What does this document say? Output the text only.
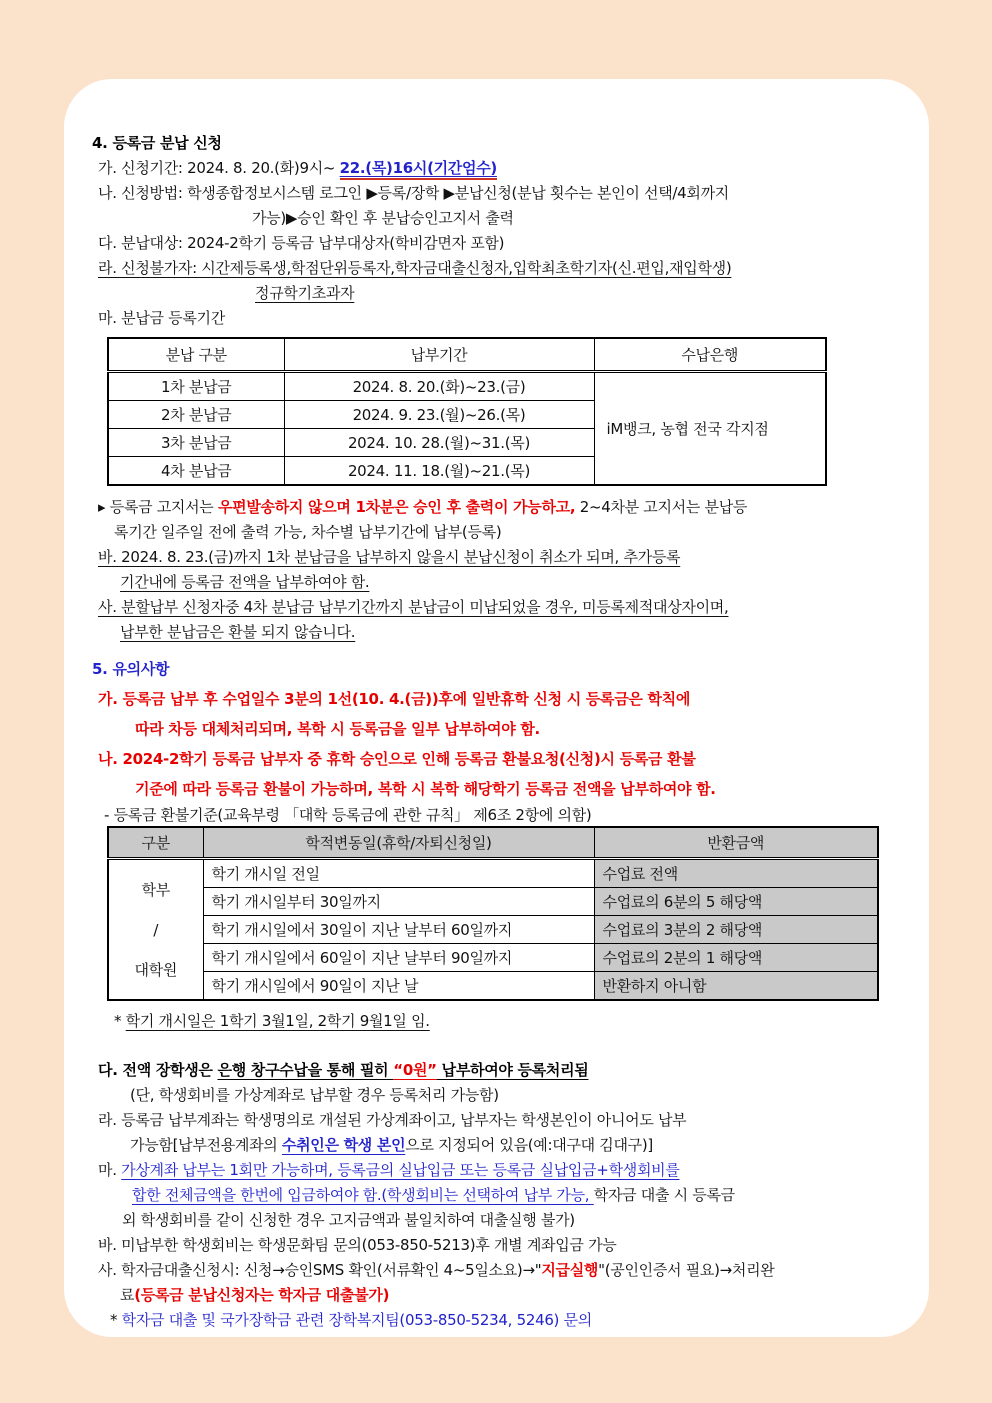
4. 등록금 분납 신청
가. 신청기간: 2024. 8. 20.(화)9시~ 22.(목)16시(기간엄수)
나. 신청방법: 학생종합정보시스템 로그인 ▶등록/장학 ▶분납신청(분납 횟수는 본인이 선택/4회까지
가능)▶승인 확인 후 분납승인고지서 출력
다. 분납대상: 2024-2학기 등록금 납부대상자(학비감면자 포함)
라. 신청불가자: 시간제등록생,학점단위등록자,학자금대출신청자,입학최초학기자(신.편입,재입학생)
정규학기초과자
마. 분납금 등록기간
분납 구분	납부기간	수납은행
1차 분납금	2024. 8. 20.(화)~23.(금)	iM뱅크, 농협 전국 각지점
2차 분납금	2024. 9. 23.(월)~26.(목)	
3차 분납금	2024. 10. 28.(월)~31.(목)	
4차 분납금	2024. 11. 18.(월)~21.(목)	
▸ 등록금 고지서는 우편발송하지 않으며 1차분은 승인 후 출력이 가능하고, 2~4차분 고지서는 분납등
록기간 일주일 전에 출력 가능, 차수별 납부기간에 납부(등록)
바. 2024. 8. 23.(금)까지 1차 분납금을 납부하지 않을시 분납신청이 취소가 되며, 추가등록
기간내에 등록금 전액을 납부하여야 함.
사. 분할납부 신청자중 4차 분납금 납부기간까지 분납금이 미납되었을 경우, 미등록제적대상자이며,
납부한 분납금은 환불 되지 않습니다.
5. 유의사항
가. 등록금 납부 후 수업일수 3분의 1선(10. 4.(금))후에 일반휴학 신청 시 등록금은 학칙에
따라 차등 대체처리되며, 복학 시 등록금을 일부 납부하여야 함.
나. 2024-2학기 등록금 납부자 중 휴학 승인으로 인해 등록금 환불요청(신청)시 등록금 환불
기준에 따라 등록금 환불이 가능하며, 복학 시 복학 해당학기 등록금 전액을 납부하여야 함.
- 등록금 환불기준(교육부령 「대학 등록금에 관한 규칙」 제6조 2항에 의함)
구분	학적변동일(휴학/자퇴신청일)	반환금액

학부
/
대학원	학기 개시일 전일	수업료 전액
	학기 개시일부터 30일까지	수업료의 6분의 5 해당액
	학기 개시일에서 30일이 지난 날부터 60일까지	수업료의 3분의 2 해당액
	학기 개시일에서 60일이 지난 날부터 90일까지	수업료의 2분의 1 해당액
	학기 개시일에서 90일이 지난 날	반환하지 아니함
* 학기 개시일은 1학기 3월1일, 2학기 9월1일 임.
다. 전액 장학생은 은행 창구수납을 통해 필히 “0원” 납부하여야 등록처리됨
(단, 학생회비를 가상계좌로 납부할 경우 등록처리 가능함)
라. 등록금 납부계좌는 학생명의로 개설된 가상계좌이고, 납부자는 학생본인이 아니어도 납부
가능함[납부전용계좌의 수취인은 학생 본인으로 지정되어 있음(예:대구대 김대구)]
마. 가상계좌 납부는 1회만 가능하며, 등록금의 실납입금 또는 등록금 실납입금+학생회비를
합한 전체금액을 한번에 입금하여야 함.(학생회비는 선택하여 납부 가능, 학자금 대출 시 등록금
외 학생회비를 같이 신청한 경우 고지금액과 불일치하여 대출실행 불가)
바. 미납부한 학생회비는 학생문화팀 문의(053-850-5213)후 개별 계좌입금 가능
사. 학자금대출신청시: 신청→승인SMS 확인(서류확인 4~5일소요)→"지급실행"(공인인증서 필요)→처리완
료(등록금 분납신청자는 학자금 대출불가)
* 학자금 대출 및 국가장학금 관련 장학복지팀(053-850-5234, 5246) 문의
